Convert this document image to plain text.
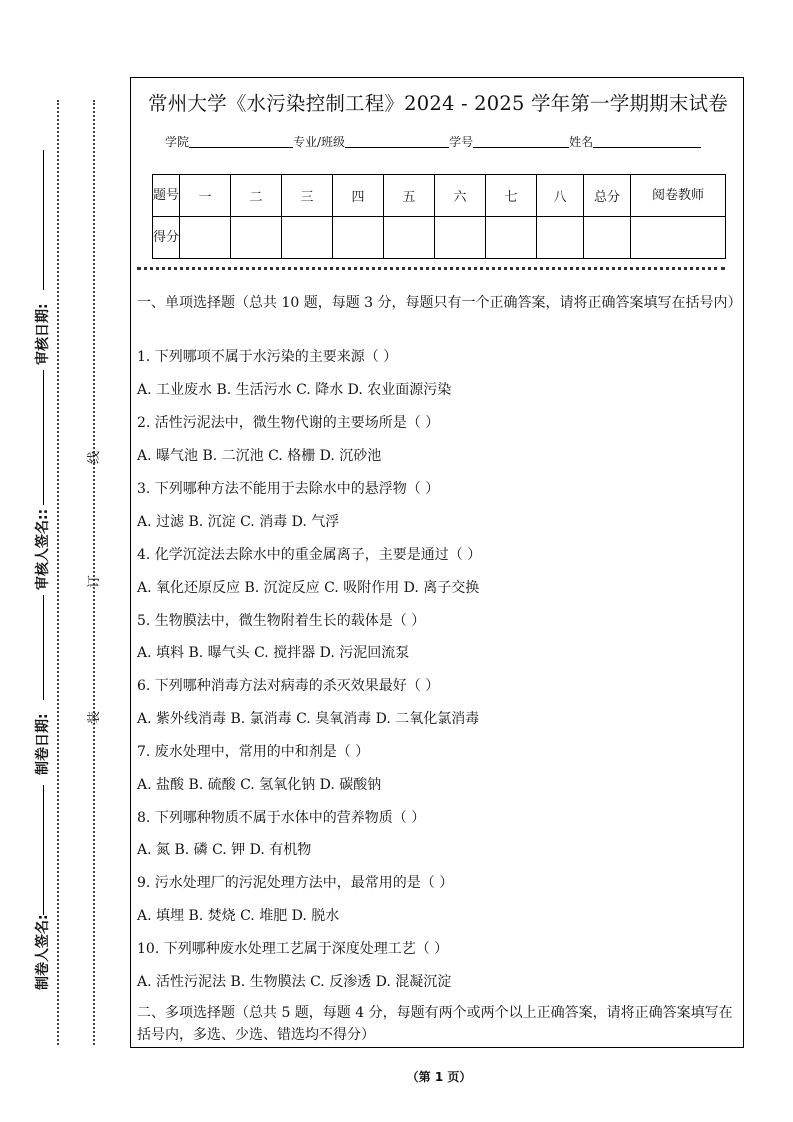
审核日期:
审核人签名::
制卷日期:
制卷人签名:
线
订
装
常州大学《水污染控制工程》2024 - 2025 学年第一学期期末试卷
学院	专业/班级	学号	姓名
题号	一	二	三	四	五	六	七	八	总分	阅卷教师
得分										
一、单项选择题（总共 10 题，每题 3 分，每题只有一个正确答案，请将正确答案填写在括号内）
1. 下列哪项不属于水污染的主要来源（ ）
A. 工业废水 B. 生活污水 C. 降水 D. 农业面源污染
2. 活性污泥法中，微生物代谢的主要场所是（ ）
A. 曝气池 B. 二沉池 C. 格栅 D. 沉砂池
3. 下列哪种方法不能用于去除水中的悬浮物（ ）
A. 过滤 B. 沉淀 C. 消毒 D. 气浮
4. 化学沉淀法去除水中的重金属离子，主要是通过（ ）
A. 氧化还原反应 B. 沉淀反应 C. 吸附作用 D. 离子交换
5. 生物膜法中，微生物附着生长的载体是（ ）
A. 填料 B. 曝气头 C. 搅拌器 D. 污泥回流泵
6. 下列哪种消毒方法对病毒的杀灭效果最好（ ）
A. 紫外线消毒 B. 氯消毒 C. 臭氧消毒 D. 二氧化氯消毒
7. 废水处理中，常用的中和剂是（ ）
A. 盐酸 B. 硫酸 C. 氢氧化钠 D. 碳酸钠
8. 下列哪种物质不属于水体中的营养物质（ ）
A. 氮 B. 磷 C. 钾 D. 有机物
9. 污水处理厂的污泥处理方法中，最常用的是（ ）
A. 填埋 B. 焚烧 C. 堆肥 D. 脱水
10. 下列哪种废水处理工艺属于深度处理工艺（ ）
A. 活性污泥法 B. 生物膜法 C. 反渗透 D. 混凝沉淀
二、多项选择题（总共 5 题，每题 4 分，每题有两个或两个以上正确答案，请将正确答案填写在括号内，多选、少选、错选均不得分）
（第 1 页）
